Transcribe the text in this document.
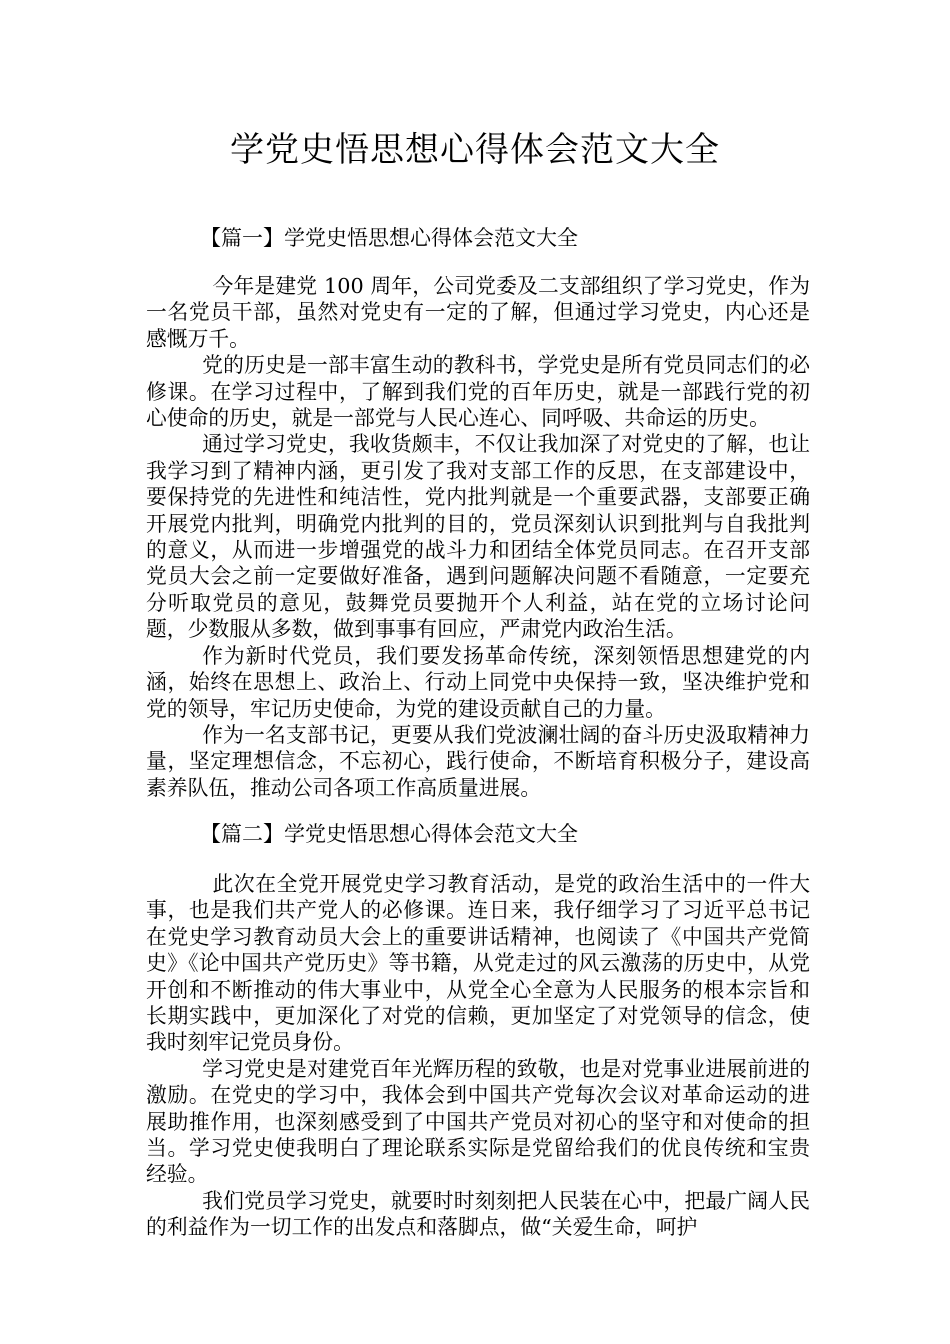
学党史悟思想心得体会范文大全
【篇一】学党史悟思想心得体会范文大全

今年是建党 100 周年，公司党委及二支部组织了学习党史，作为一名党员干部，虽然对党史有一定的了解，但通过学习党史，内心还是感慨万千。

党的历史是一部丰富生动的教科书，学党史是所有党员同志们的必修课。在学习过程中，了解到我们党的百年历史，就是一部践行党的初心使命的历史，就是一部党与人民心连心、同呼吸、共命运的历史。

通过学习党史，我收货颇丰，不仅让我加深了对党史的了解，也让我学习到了精神内涵，更引发了我对支部工作的反思，在支部建设中，要保持党的先进性和纯洁性，党内批判就是一个重要武器，支部要正确开展党内批判，明确党内批判的目的，党员深刻认识到批判与自我批判的意义，从而进一步增强党的战斗力和团结全体党员同志。在召开支部党员大会之前一定要做好准备，遇到问题解决问题不看随意，一定要充分听取党员的意见，鼓舞党员要抛开个人利益，站在党的立场讨论问题，少数服从多数，做到事事有回应，严肃党内政治生活。

作为新时代党员，我们要发扬革命传统，深刻领悟思想建党的内涵，始终在思想上、政治上、行动上同党中央保持一致，坚决维护党和党的领导，牢记历史使命，为党的建设贡献自己的力量。

作为一名支部书记，更要从我们党波澜壮阔的奋斗历史汲取精神力量，坚定理想信念，不忘初心，践行使命，不断培育积极分子，建设高素养队伍，推动公司各项工作高质量进展。

【篇二】学党史悟思想心得体会范文大全

此次在全党开展党史学习教育活动，是党的政治生活中的一件大事，也是我们共产党人的必修课。连日来，我仔细学习了习近平总书记在党史学习教育动员大会上的重要讲话精神，也阅读了《中国共产党简史》《论中国共产党历史》等书籍，从党走过的风云激荡的历史中，从党开创和不断推动的伟大事业中，从党全心全意为人民服务的根本宗旨和长期实践中，更加深化了对党的信赖，更加坚定了对党领导的信念，使我时刻牢记党员身份。

学习党史是对建党百年光辉历程的致敬，也是对党事业进展前进的激励。在党史的学习中，我体会到中国共产党每次会议对革命运动的进展助推作用，也深刻感受到了中国共产党员对初心的坚守和对使命的担当。学习党史使我明白了理论联系实际是党留给我们的优良传统和宝贵经验。

我们党员学习党史，就要时时刻刻把人民装在心中，把最广阔人民的利益作为一切工作的出发点和落脚点，做“关爱生命，呵护
